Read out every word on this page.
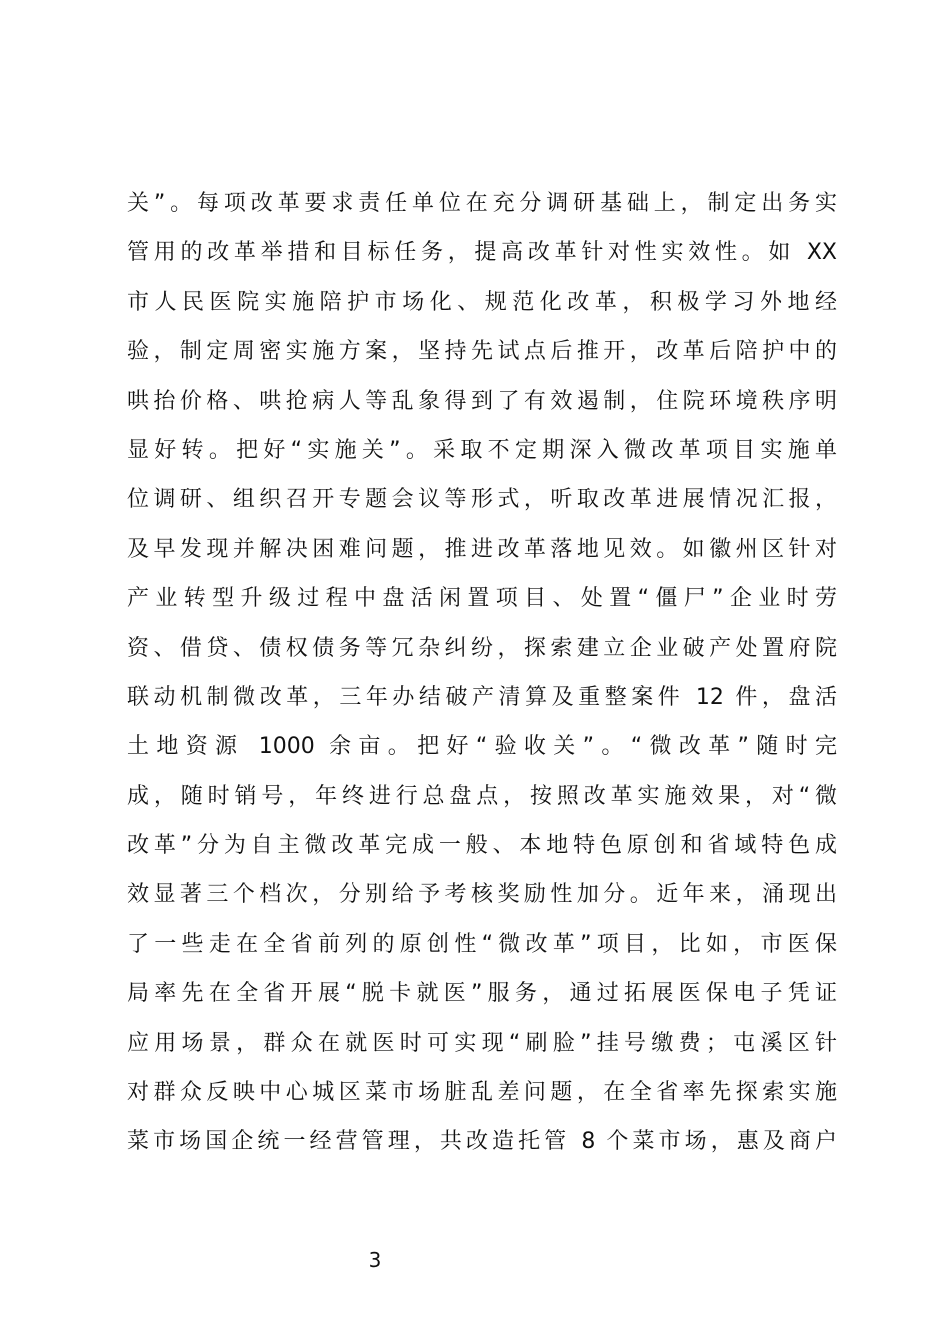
关”。每项改革要求责任单位在充分调研基础上，制定出务实
管用的改革举措和目标任务，提高改革针对性实效性。如 XX
市人民医院实施陪护市场化、规范化改革，积极学习外地经
验，制定周密实施方案，坚持先试点后推开，改革后陪护中的
哄抬价格、哄抢病人等乱象得到了有效遏制，住院环境秩序明
显好转。把好“实施关”。采取不定期深入微改革项目实施单
位调研、组织召开专题会议等形式，听取改革进展情况汇报，
及早发现并解决困难问题，推进改革落地见效。如徽州区针对
产业转型升级过程中盘活闲置项目、处置“僵尸”企业时劳
资、借贷、债权债务等冗杂纠纷，探索建立企业破产处置府院
联动机制微改革，三年办结破产清算及重整案件 12 件，盘活
土地资源 1000 余亩。把好“验收关”。“微改革”随时完
成，随时销号，年终进行总盘点，按照改革实施效果，对“微
改革”分为自主微改革完成一般、本地特色原创和省域特色成
效显著三个档次，分别给予考核奖励性加分。近年来，涌现出
了一些走在全省前列的原创性“微改革”项目，比如，市医保
局率先在全省开展“脱卡就医”服务，通过拓展医保电子凭证
应用场景，群众在就医时可实现“刷脸”挂号缴费；屯溪区针
对群众反映中心城区菜市场脏乱差问题，在全省率先探索实施
菜市场国企统一经营管理，共改造托管 8 个菜市场，惠及商户
3
